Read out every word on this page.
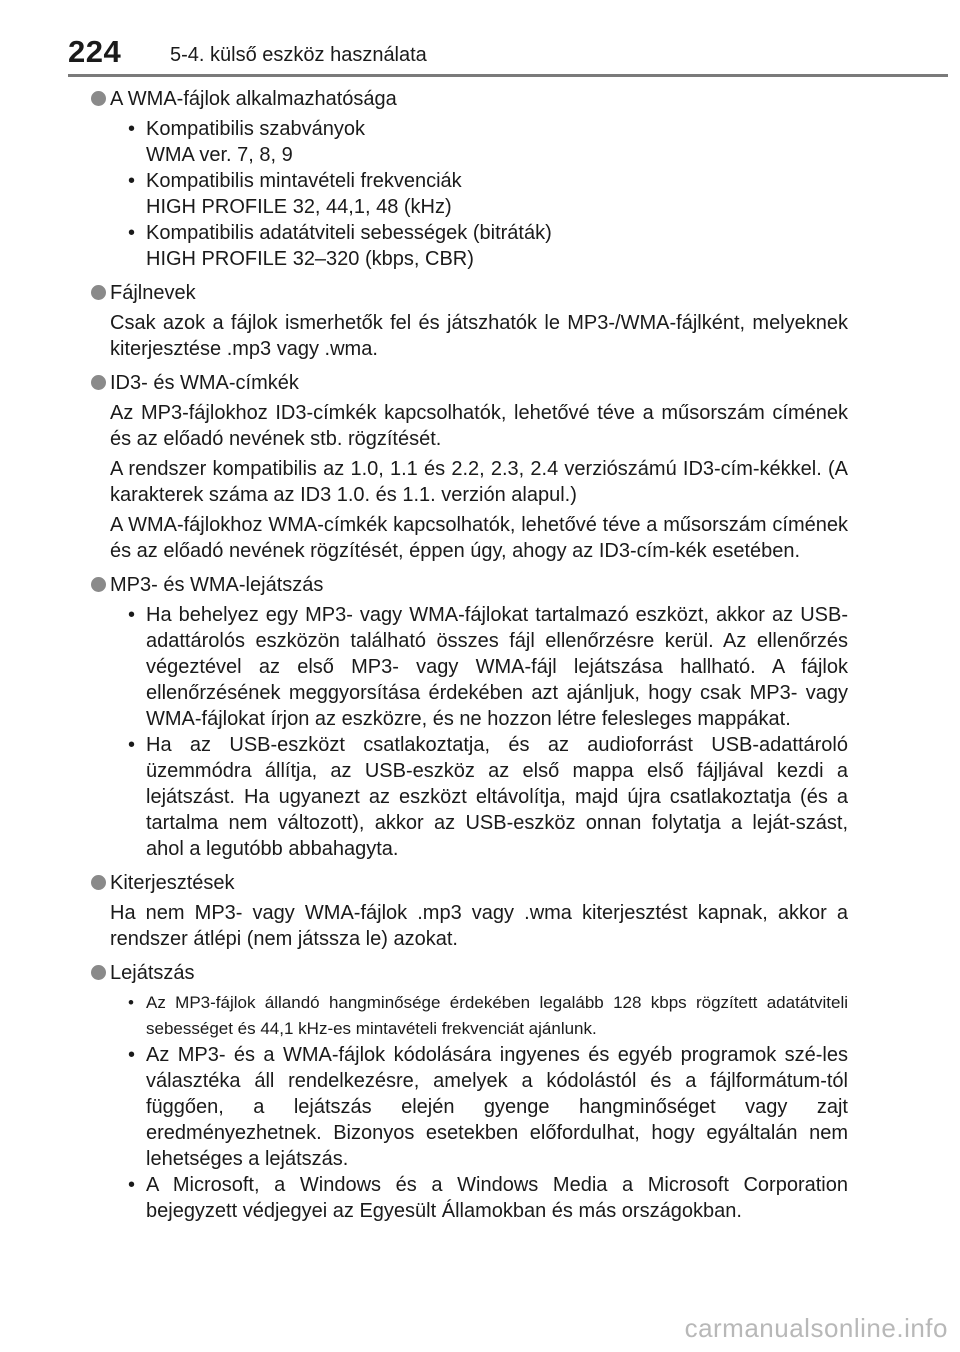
224 5-4. külső eszköz használata
A WMA-fájlok alkalmazhatósága
• Kompatibilis szabványok
WMA ver. 7, 8, 9
• Kompatibilis mintavételi frekvenciák
HIGH PROFILE 32, 44,1, 48 (kHz)
• Kompatibilis adatátviteli sebességek (bitráták)
HIGH PROFILE 32–320 (kbps, CBR)
Fájlnevek

Csak azok a fájlok ismerhetők fel és játszhatók le MP3-/WMA-fájlként, melyeknek kiterjesztése .mp3 vagy .wma.

ID3- és WMA-címkék

Az MP3-fájlokhoz ID3-címkék kapcsolhatók, lehetővé téve a műsorszám címének és az előadó nevének stb. rögzítését.

A rendszer kompatibilis az 1.0, 1.1 és 2.2, 2.3, 2.4 verziószámú ID3-cím-kékkel. (A karakterek száma az ID3 1.0. és 1.1. verzión alapul.)

A WMA-fájlokhoz WMA-címkék kapcsolhatók, lehetővé téve a műsorszám címének és az előadó nevének rögzítését, éppen úgy, ahogy az ID3-cím-kék esetében.

MP3- és WMA-lejátszás
• Ha behelyez egy MP3- vagy WMA-fájlokat tartalmazó eszközt, akkor az USB-adattárolós eszközön található összes fájl ellenőrzésre kerül. Az ellenőrzés végeztével az első MP3- vagy WMA-fájl lejátszása hallható. A fájlok ellenőrzésének meggyorsítása érdekében azt ajánljuk, hogy csak MP3- vagy WMA-fájlokat írjon az eszközre, és ne hozzon létre felesleges mappákat.
• Ha az USB-eszközt csatlakoztatja, és az audioforrást USB-adattároló üzemmódra állítja, az USB-eszköz az első mappa első fájljával kezdi a lejátszást. Ha ugyanezt az eszközt eltávolítja, majd újra csatlakoztatja (és a tartalma nem változott), akkor az USB-eszköz onnan folytatja a leját-szást, ahol a legutóbb abbahagyta.
Kiterjesztések

Ha nem MP3- vagy WMA-fájlok .mp3 vagy .wma kiterjesztést kapnak, akkor a rendszer átlépi (nem játssza le) azokat.

Lejátszás
• Az MP3-fájlok állandó hangminősége érdekében legalább 128 kbps rögzített adatátviteli sebességet és 44,1 kHz-es mintavételi frekvenciát ajánlunk.
• Az MP3- és a WMA-fájlok kódolására ingyenes és egyéb programok szé-les választéka áll rendelkezésre, amelyek a kódolástól és a fájlformátum-tól függően, a lejátszás elején gyenge hangminőséget vagy zajt eredményezhetnek. Bizonyos esetekben előfordulhat, hogy egyáltalán nem lehetséges a lejátszás.
• A Microsoft, a Windows és a Windows Media a Microsoft Corporation bejegyzett védjegyei az Egyesült Államokban és más országokban.
carmanualsonline.info
